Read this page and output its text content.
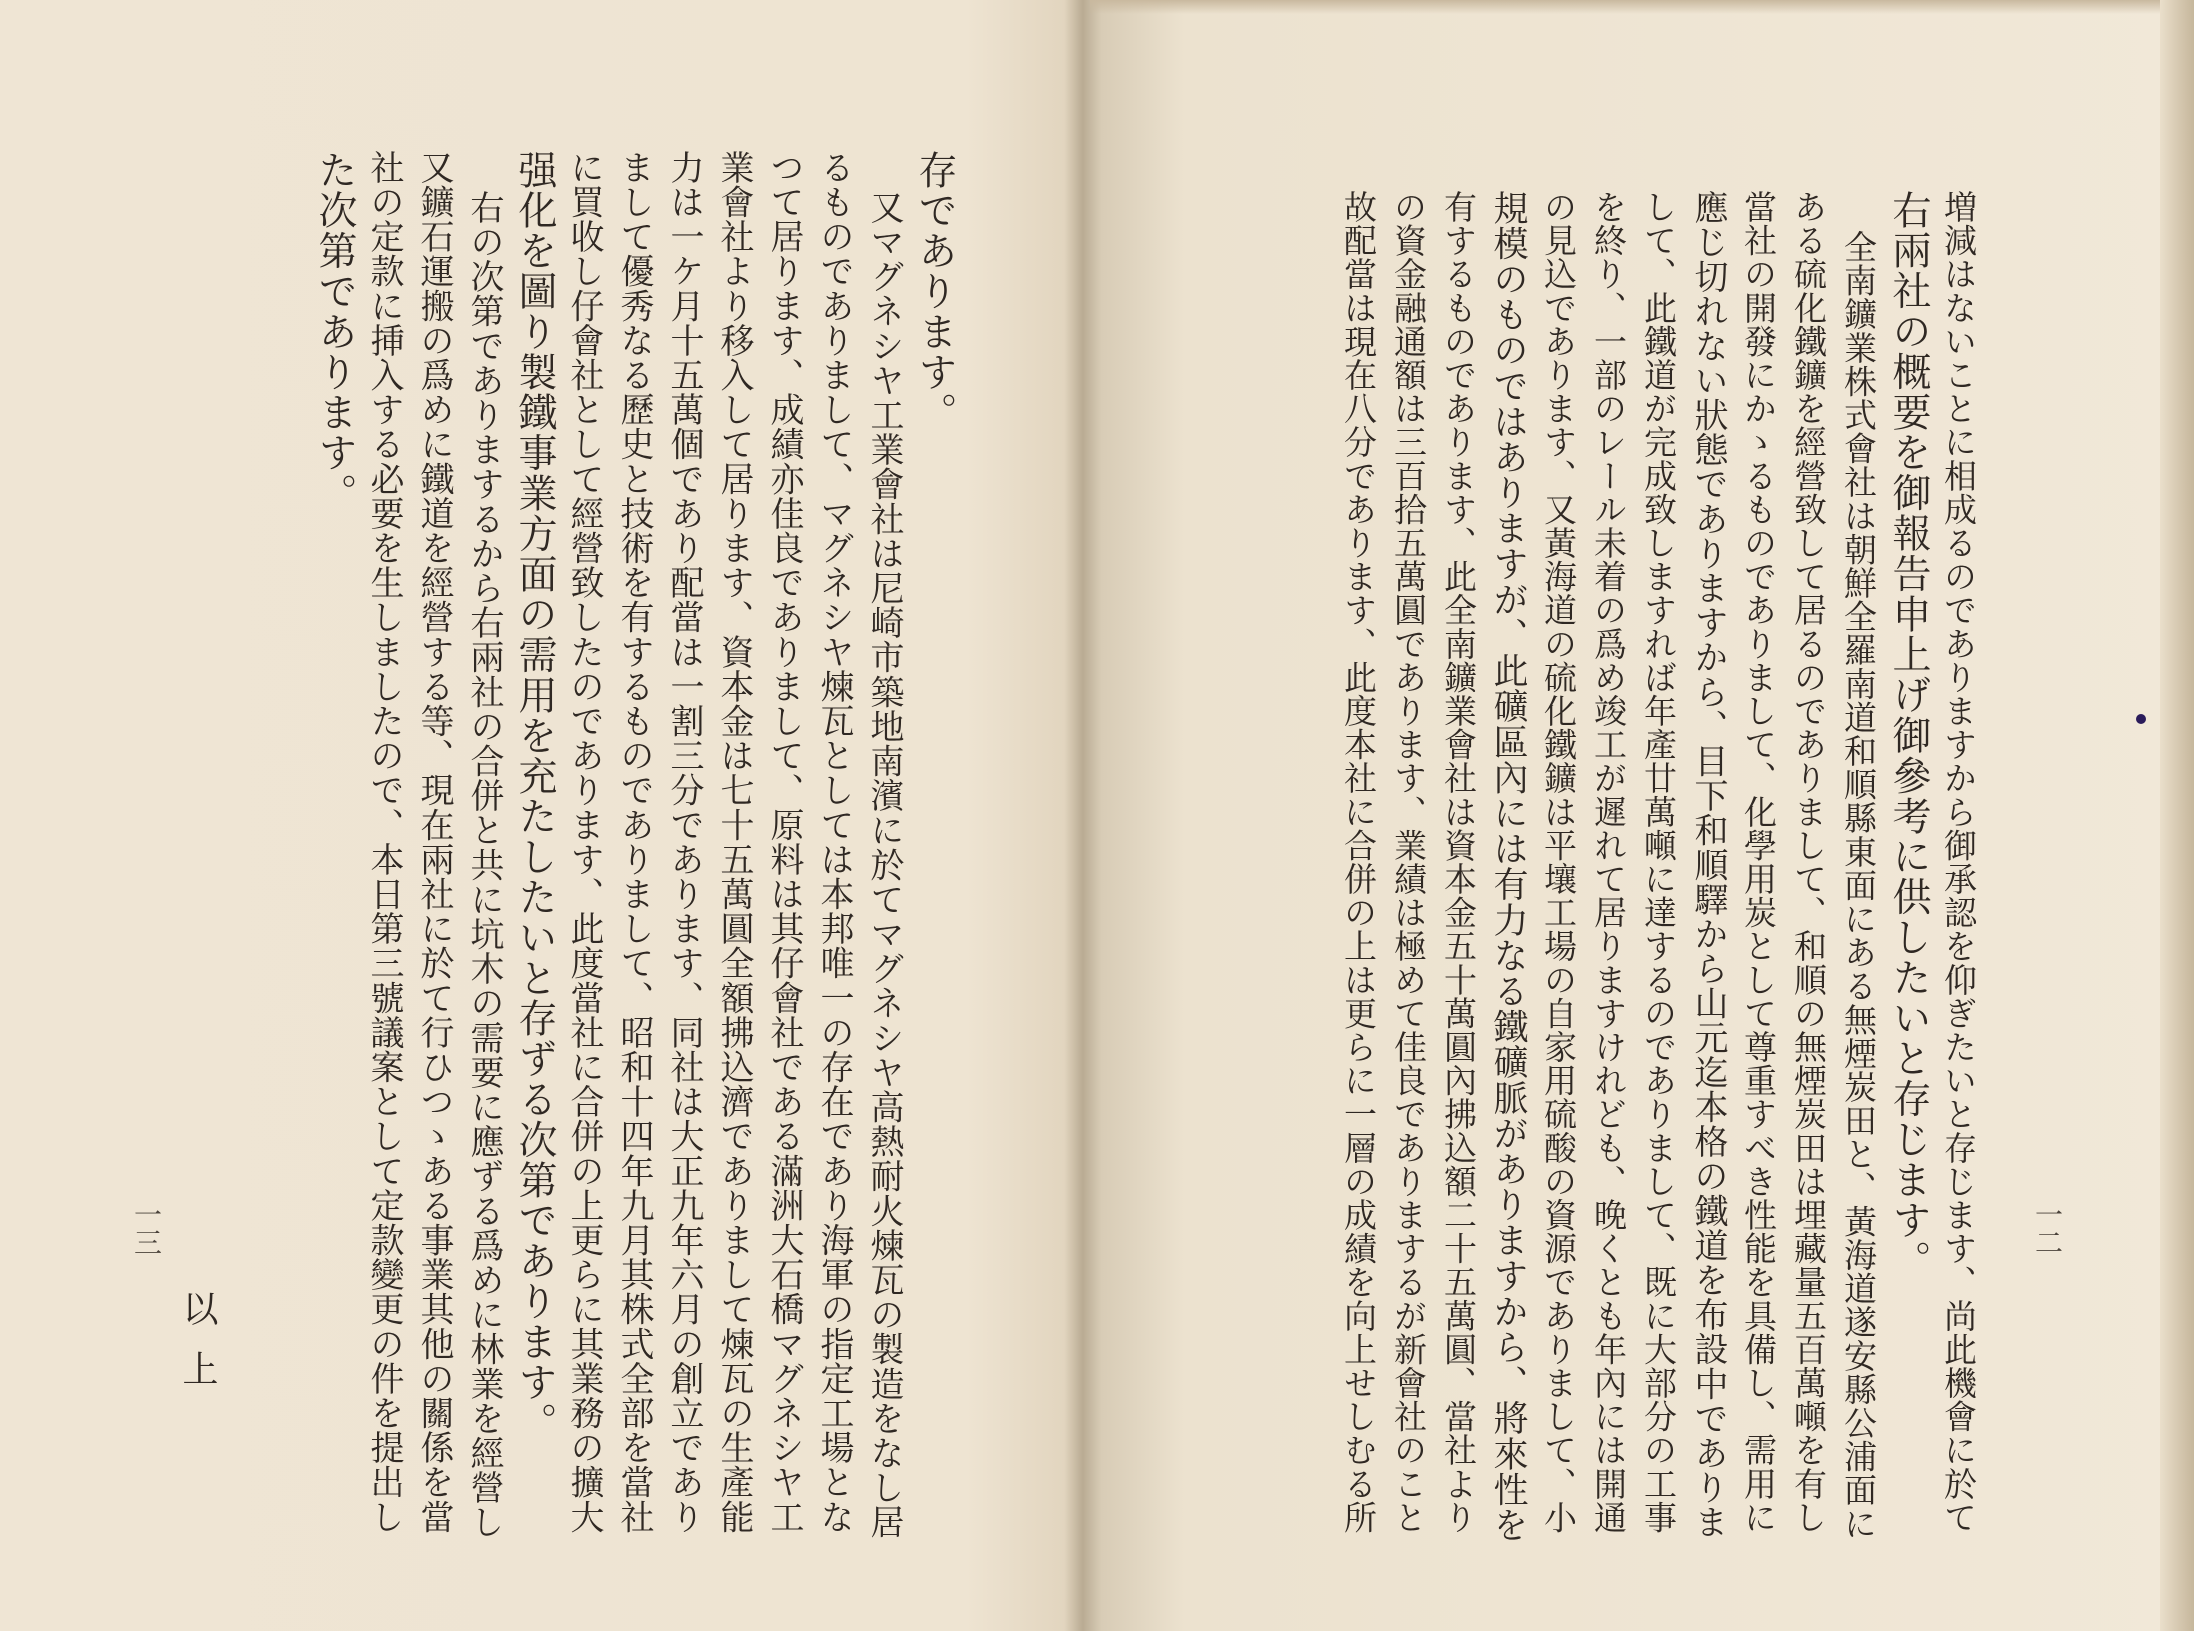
増減はないことに相成るのでありますから御承認を仰ぎたいと存じます、尚此機會に於て
右兩社の概要を御報告申上げ御參考に供したいと存じます。
全南鑛業株式會社は朝鮮全羅南道和順縣東面にある無煙炭田と、黃海道遂安縣公浦面に
ある硫化鐵鑛を經營致して居るのでありまして、和順の無煙炭田は埋藏量五百萬噸を有し
當社の開發にかゝるものでありまして、化學用炭として尊重すべき性能を具備し、需用に
應じ切れない狀態でありますから、目下和順驛から山元迄本格の鐵道を布設中でありま
して、此鐵道が完成致しますれば年產廿萬噸に達するのでありまして、既に大部分の工事
を終り、一部のレール未着の爲め竣工が遲れて居りますけれども、晚くとも年內には開通
の見込であります、又黃海道の硫化鐵鑛は平壤工場の自家用硫酸の資源でありまして、小
規模のものではありますが、此礦區內には有力なる鐵礦脈がありますから、將來性を
有するものであります、此全南鑛業會社は資本金五十萬圓內拂込額二十五萬圓、當社より
の資金融通額は三百拾五萬圓であります、業績は極めて佳良でありまするが新會社のこと
故配當は現在八分であります、此度本社に合併の上は更らに一層の成績を向上せしむる所	一二
存であります。
又マグネシヤ工業會社は尼崎市築地南濱に於てマグネシヤ高熱耐火煉瓦の製造をなし居
るものでありまして、マグネシヤ煉瓦としては本邦唯一の存在であり海軍の指定工場とな
つて居ります、成績亦佳良でありまして、原料は其仔會社である滿洲大石橋マグネシヤ工
業會社より移入して居ります、資本金は七十五萬圓全額拂込濟でありまして煉瓦の生產能
力は一ケ月十五萬個であり配當は一割三分であります、同社は大正九年六月の創立であり
まして優秀なる歷史と技術を有するものでありまして、昭和十四年九月其株式全部を當社
に買收し仔會社として經營致したのであります、此度當社に合併の上更らに其業務の擴大
强化を圖り製鐵事業方面の需用を充たしたいと存ずる次第であります。
右の次第でありまするから右兩社の合併と共に坑木の需要に應ずる爲めに林業を經營し
又鑛石運搬の爲めに鐵道を經營する等、現在兩社に於て行ひつゝある事業其他の關係を當
社の定款に挿入する必要を生しましたので、本日第三號議案として定款變更の件を提出し
た次第であります。
以上
一三
